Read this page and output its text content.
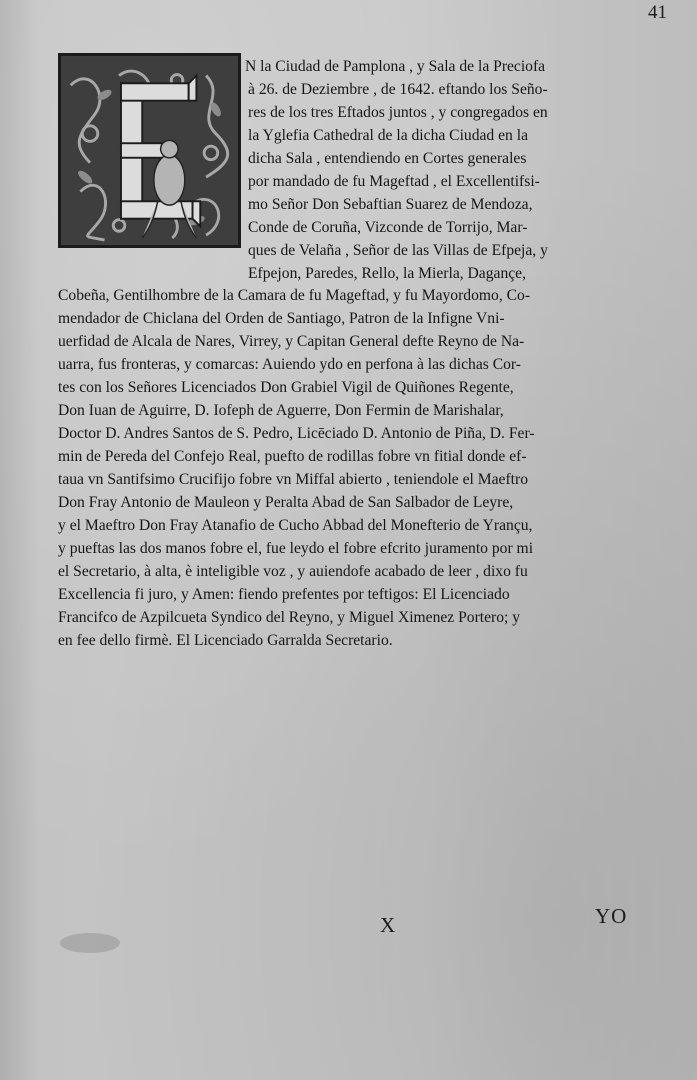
41

N la Ciudad de Pamplona , y Sala de la Preciofa

à 26. de Deziembre , de 1642. eftando los Seño-

res de los tres Eftados juntos , y congregados en

la Yglefia Cathedral de la dicha Ciudad en la

dicha Sala , entendiendo en Cortes generales

por mandado de fu Mageftad , el Excellentifsi-

mo Señor Don Sebaftian Suarez de Mendoza,

Conde de Coruña, Vizconde de Torrijo, Mar-

ques de Velaña , Señor de las Villas de Efpeja, y

Efpejon, Paredes, Rello, la Mierla, Dagançe,

Cobeña, Gentilhombre de la Camara de fu Mageftad, y fu Mayordomo, Co-

mendador de Chiclana del Orden de Santiago, Patron de la Infigne Vni-

uerfidad de Alcala de Nares, Virrey, y Capitan General defte Reyno de Na-

uarra, fus fronteras, y comarcas: Auiendo ydo en perfona à las dichas Cor-

tes con los Señores Licenciados Don Grabiel Vigil de Quiñones Regente,

Don Iuan de Aguirre, D. Iofeph de Aguerre, Don Fermin de Marishalar,

Doctor D. Andres Santos de S. Pedro, Licēciado D. Antonio de Piña, D. Fer-

min de Pereda del Confejo Real, puefto de rodillas fobre vn fitial donde ef-

taua vn Santifsimo Crucifijo fobre vn Miffal abierto , teniendole el Maeftro

Don Fray Antonio de Mauleon y Peralta Abad de San Salbador de Leyre,

y el Maeftro Don Fray Atanafio de Cucho Abbad del Monefterio de Yrançu,

y pueftas las dos manos fobre el, fue leydo el fobre efcrito juramento por mi

el Secretario, à alta, è inteligible voz , y auiendofe acabado de leer , dixo fu

Excellencia fi juro, y Amen: fiendo prefentes por teftigos: El Licenciado

Francifco de Azpilcueta Syndico del Reyno, y Miguel Ximenez Portero; y

en fee dello firmè. El Licenciado Garralda Secretario.

X	YO
